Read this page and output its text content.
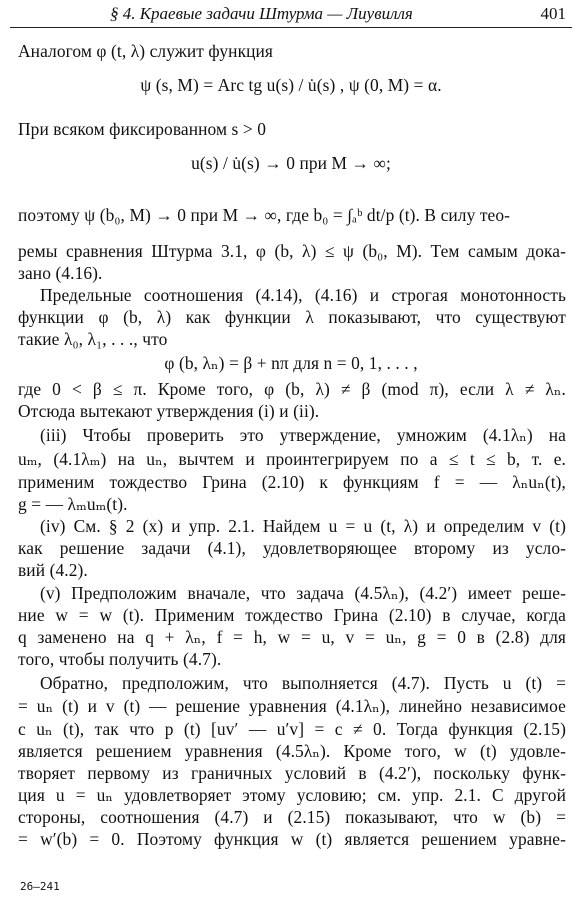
§ 4. Краевые задачи Штурма — Лиувилля	401
Аналогом φ (t, λ) служит функция
ψ (s, M) = Arc tg u(s) / u̇(s) , ψ (0, M) = α.
При всяком фиксированном s > 0
u(s) / u̇(s) → 0 при M → ∞;
поэтому ψ (b₀, M) → 0 при M → ∞, где b₀ = ∫ₐᵇ dt/p (t). В силу тео-
ремы сравнения Штурма 3.1, φ (b, λ) ≤ ψ (b₀, M). Тем самым дока-
зано (4.16).
Предельные соотношения (4.14), (4.16) и строгая монотонность
функции φ (b, λ) как функции λ показывают, что существуют
такие λ₀, λ₁, . . ., что
φ (b, λₙ) = β + nπ для n = 0, 1, . . . ,
где 0 < β ≤ π. Кроме того, φ (b, λ) ≠ β (mod π), если λ ≠ λₙ.
Отсюда вытекают утверждения (i) и (ii).
(iii) Чтобы проверить это утверждение, умножим (4.1λₙ) на
uₘ, (4.1λₘ) на uₙ, вычтем и проинтегрируем по a ≤ t ≤ b, т. е.
применим тождество Грина (2.10) к функциям f = — λₙuₙ(t),
g = — λₘuₘ(t).
(iv) См. § 2 (x) и упр. 2.1. Найдем u = u (t, λ) и определим v (t)
как решение задачи (4.1), удовлетворяющее второму из усло-
вий (4.2).
(v) Предположим вначале, что задача (4.5λₙ), (4.2′) имеет реше-
ние w = w (t). Применим тождество Грина (2.10) в случае, когда
q заменено на q + λₙ, f = h, w = u, v = uₙ, g = 0 в (2.8) для
того, чтобы получить (4.7).
Обратно, предположим, что выполняется (4.7). Пусть u (t) =
= uₙ (t) и v (t) — решение уравнения (4.1λₙ), линейно независимое
с uₙ (t), так что p (t) [uv′ — u′v] = c ≠ 0. Тогда функция (2.15)
является решением уравнения (4.5λₙ). Кроме того, w (t) удовле-
творяет первому из граничных условий в (4.2′), поскольку функ-
ция u = uₙ удовлетворяет этому условию; см. упр. 2.1. С другой
стороны, соотношения (4.7) и (2.15) показывают, что w (b) =
= w′(b) = 0. Поэтому функция w (t) является решением уравне-
26—241
